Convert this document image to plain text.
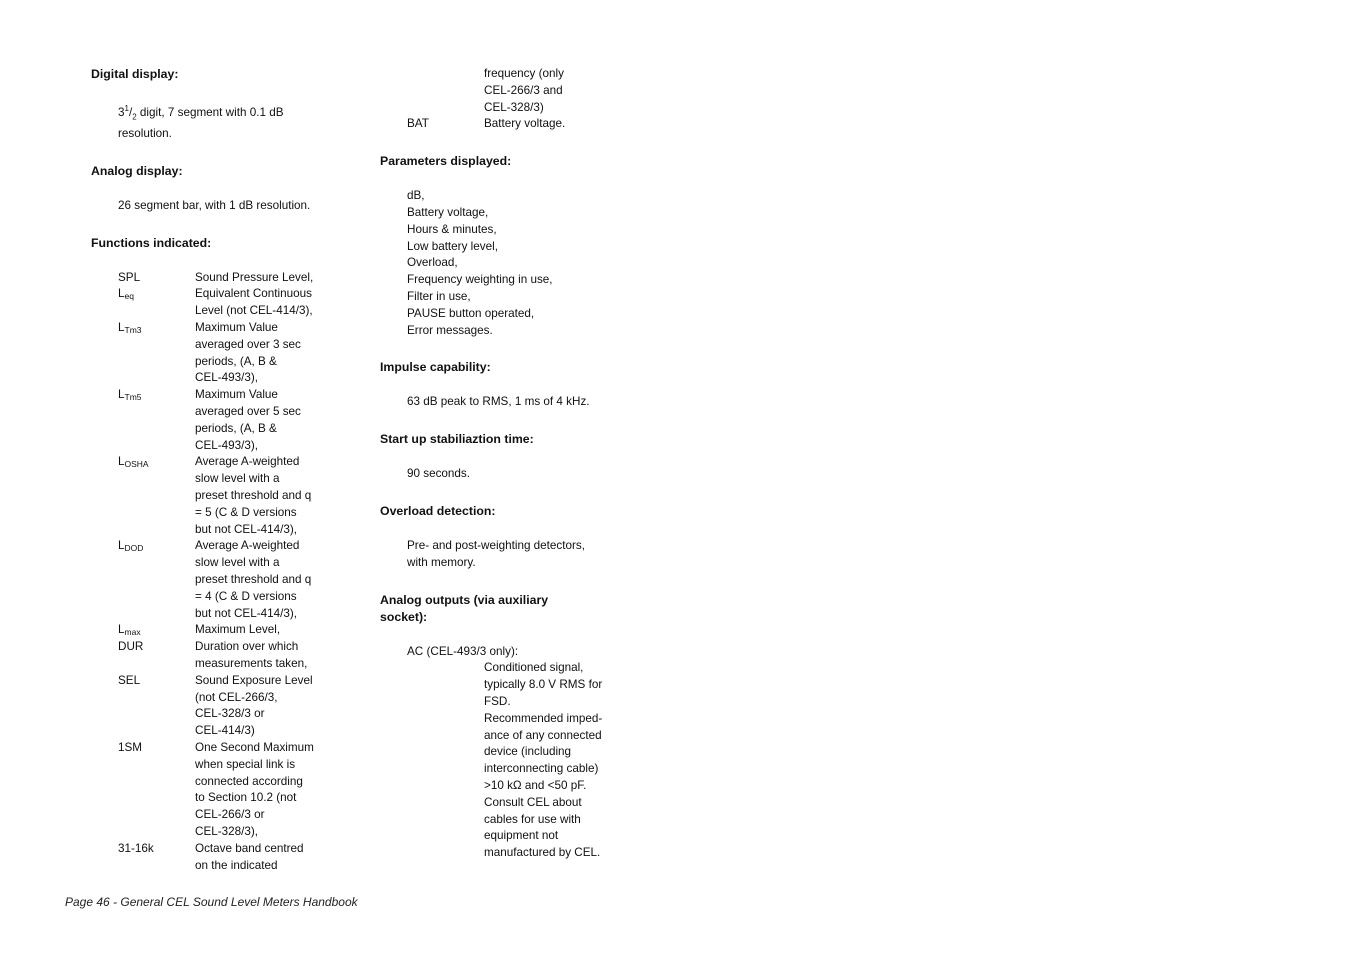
Digital display:
$3^1/_2$ digit, 7 segment with 0.1 dB
resolution.
Analog display:
26 segment bar, with 1 dB resolution.
Functions indicated:
SPL	Sound Pressure Level,
$L_{eq}$	Equivalent Continuous
Level (not CEL-414/3),
$L_{Tm3}$	Maximum Value
averaged over 3 sec
periods, (A, B &
CEL-493/3),
$L_{Tm5}$	Maximum Value
averaged over 5 sec
periods, (A, B &
CEL-493/3),
$L_{OSHA}$	Average A-weighted
slow level with a
preset threshold and q
= 5 (C & D versions
but not CEL-414/3),
$L_{DOD}$	Average A-weighted
slow level with a
preset threshold and q
= 4 (C & D versions
but not CEL-414/3),
$L_{max}$	Maximum Level,
DUR	Duration over which
measurements taken,
SEL	Sound Exposure Level
(not CEL-266/3,
CEL-328/3 or
CEL-414/3)
1SM	One Second Maximum
when special link is
connected according
to Section 10.2 (not
CEL-266/3 or
CEL-328/3),
31-16k	Octave band centred
on the indicated
frequency (only
CEL-266/3 and
CEL-328/3)
BAT	Battery voltage.
Parameters displayed:
dB,
Battery voltage,
Hours & minutes,
Low battery level,
Overload,
Frequency weighting in use,
Filter in use,
PAUSE button operated,
Error messages.
Impulse capability:
63 dB peak to RMS, 1 ms of 4 kHz.
Start up stabiliaztion time:
90 seconds.
Overload detection:
Pre- and post-weighting detectors,
with memory.
Analog outputs (via auxiliary
socket):
AC (CEL-493/3 only):
Conditioned signal,
typically 8.0 V RMS for
FSD.
Recommended imped-
ance of any connected
device (including
interconnecting cable)
>10 kΩ and <50 pF.
Consult CEL about
cables for use with
equipment not
manufactured by CEL.
Page 46 - General CEL Sound Level Meters Handbook
